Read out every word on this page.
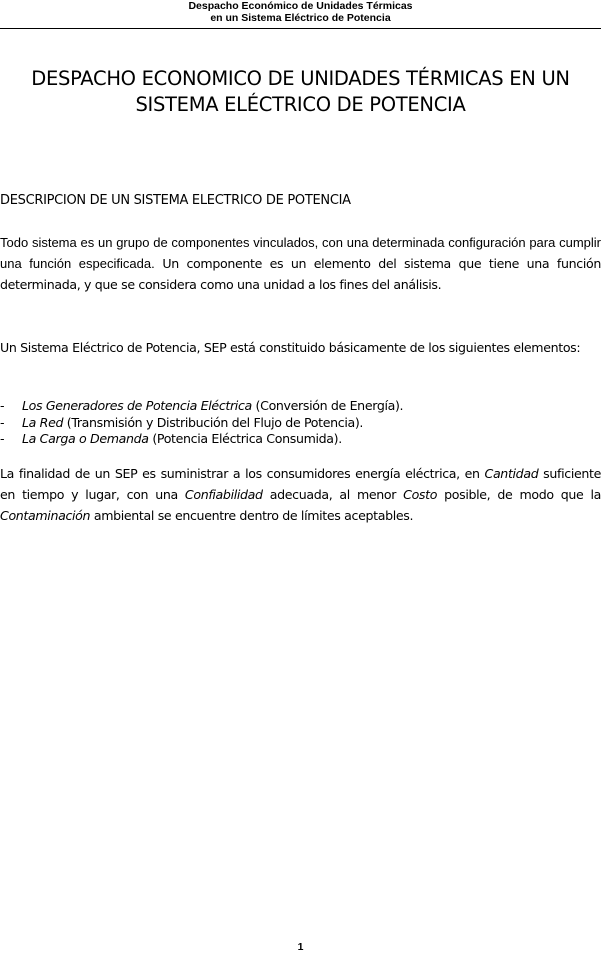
Despacho Económico de Unidades Térmicas
en un Sistema Eléctrico de Potencia
DESPACHO ECONOMICO DE UNIDADES TÉRMICAS EN UN
SISTEMA ELÉCTRICO DE POTENCIA
DESCRIPCION DE UN SISTEMA ELECTRICO DE POTENCIA

Todo sistema es un grupo de componentes vinculados, con una determinada configuración para cumplir una función especificada. Un componente es un elemento del sistema que tiene una función determinada, y que se considera como una unidad a los fines del análisis.

Un Sistema Eléctrico de Potencia, SEP está constituido básicamente de los siguientes elementos:

- Los Generadores de Potencia Eléctrica (Conversión de Energía).
- La Red (Transmisión y Distribución del Flujo de Potencia).
- La Carga o Demanda (Potencia Eléctrica Consumida).

La finalidad de un SEP es suministrar a los consumidores energía eléctrica, en Cantidad suficiente en tiempo y lugar, con una Confiabilidad adecuada, al menor Costo posible, de modo que la Contaminación ambiental se encuentre dentro de límites aceptables.

1
